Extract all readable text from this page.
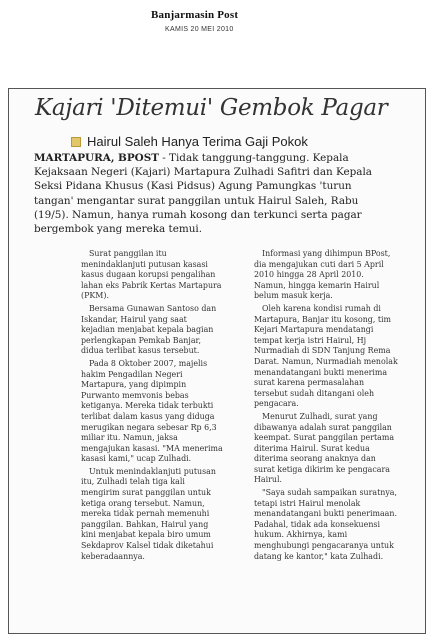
Banjarmasin Post
KAMIS 20 MEI 2010
Kajari 'Ditemui' Gembok Pagar
Hairul Saleh Hanya Terima Gaji Pokok
MARTAPURA, BPOST - Tidak tanggung-tanggung. Kepala Kejaksaan Negeri (Kajari) Martapura Zulhadi Safitri dan Kepala Seksi Pidana Khusus (Kasi Pidsus) Agung Pamungkas 'turun tangan' mengantar surat panggilan untuk Hairul Saleh, Rabu (19/5). Namun, hanya rumah kosong dan terkunci serta pagar bergembok yang mereka temui.

Surat panggilan itu menindaklanjuti putusan kasasi kasus dugaan korupsi pengalihan lahan eks Pabrik Kertas Martapura (PKM).

Bersama Gunawan Santoso dan Iskandar, Hairul yang saat kejadian menjabat kepala bagian perlengkapan Pemkab Banjar, didua terlibat kasus tersebut.

Pada 8 Oktober 2007, majelis hakim Pengadilan Negeri Martapura, yang dipimpin Purwanto memvonis bebas ketiganya. Mereka tidak terbukti terlibat dalam kasus yang diduga merugikan negara sebesar Rp 6,3 miliar itu. Namun, jaksa mengajukan kasasi. "MA menerima kasasi kami," ucap Zulhadi.

Untuk menindaklanjuti putusan itu, Zulhadi telah tiga kali mengirim surat panggilan untuk ketiga orang tersebut. Namun, mereka tidak pernah memenuhi panggilan. Bahkan, Hairul yang kini menjabat kepala biro umum Sekdaprov Kalsel tidak diketahui keberadaannya.

Informasi yang dihimpun BPost, dia mengajukan cuti dari 5 April 2010 hingga 28 April 2010. Namun, hingga kemarin Hairul belum masuk kerja.

Oleh karena kondisi rumah di Martapura, Banjar itu kosong, tim Kejari Martapura mendatangi tempat kerja istri Hairul, Hj Nurmadiah di SDN Tanjung Rema Darat. Namun, Nurmadiah menolak menandatangani bukti menerima surat karena permasalahan tersebut sudah ditangani oleh pengacara.

Menurut Zulhadi, surat yang dibawanya adalah surat panggilan keempat. Surat panggilan pertama diterima Hairul. Surat kedua diterima seorang anaknya dan surat ketiga dikirim ke pengacara Hairul.

"Saya sudah sampaikan suratnya, tetapi istri Hairul menolak menandatangani bukti penerimaan. Padahal, tidak ada konsekuensi hukum. Akhirnya, kami menghubungi pengacaranya untuk datang ke kantor," kata Zulhadi.
